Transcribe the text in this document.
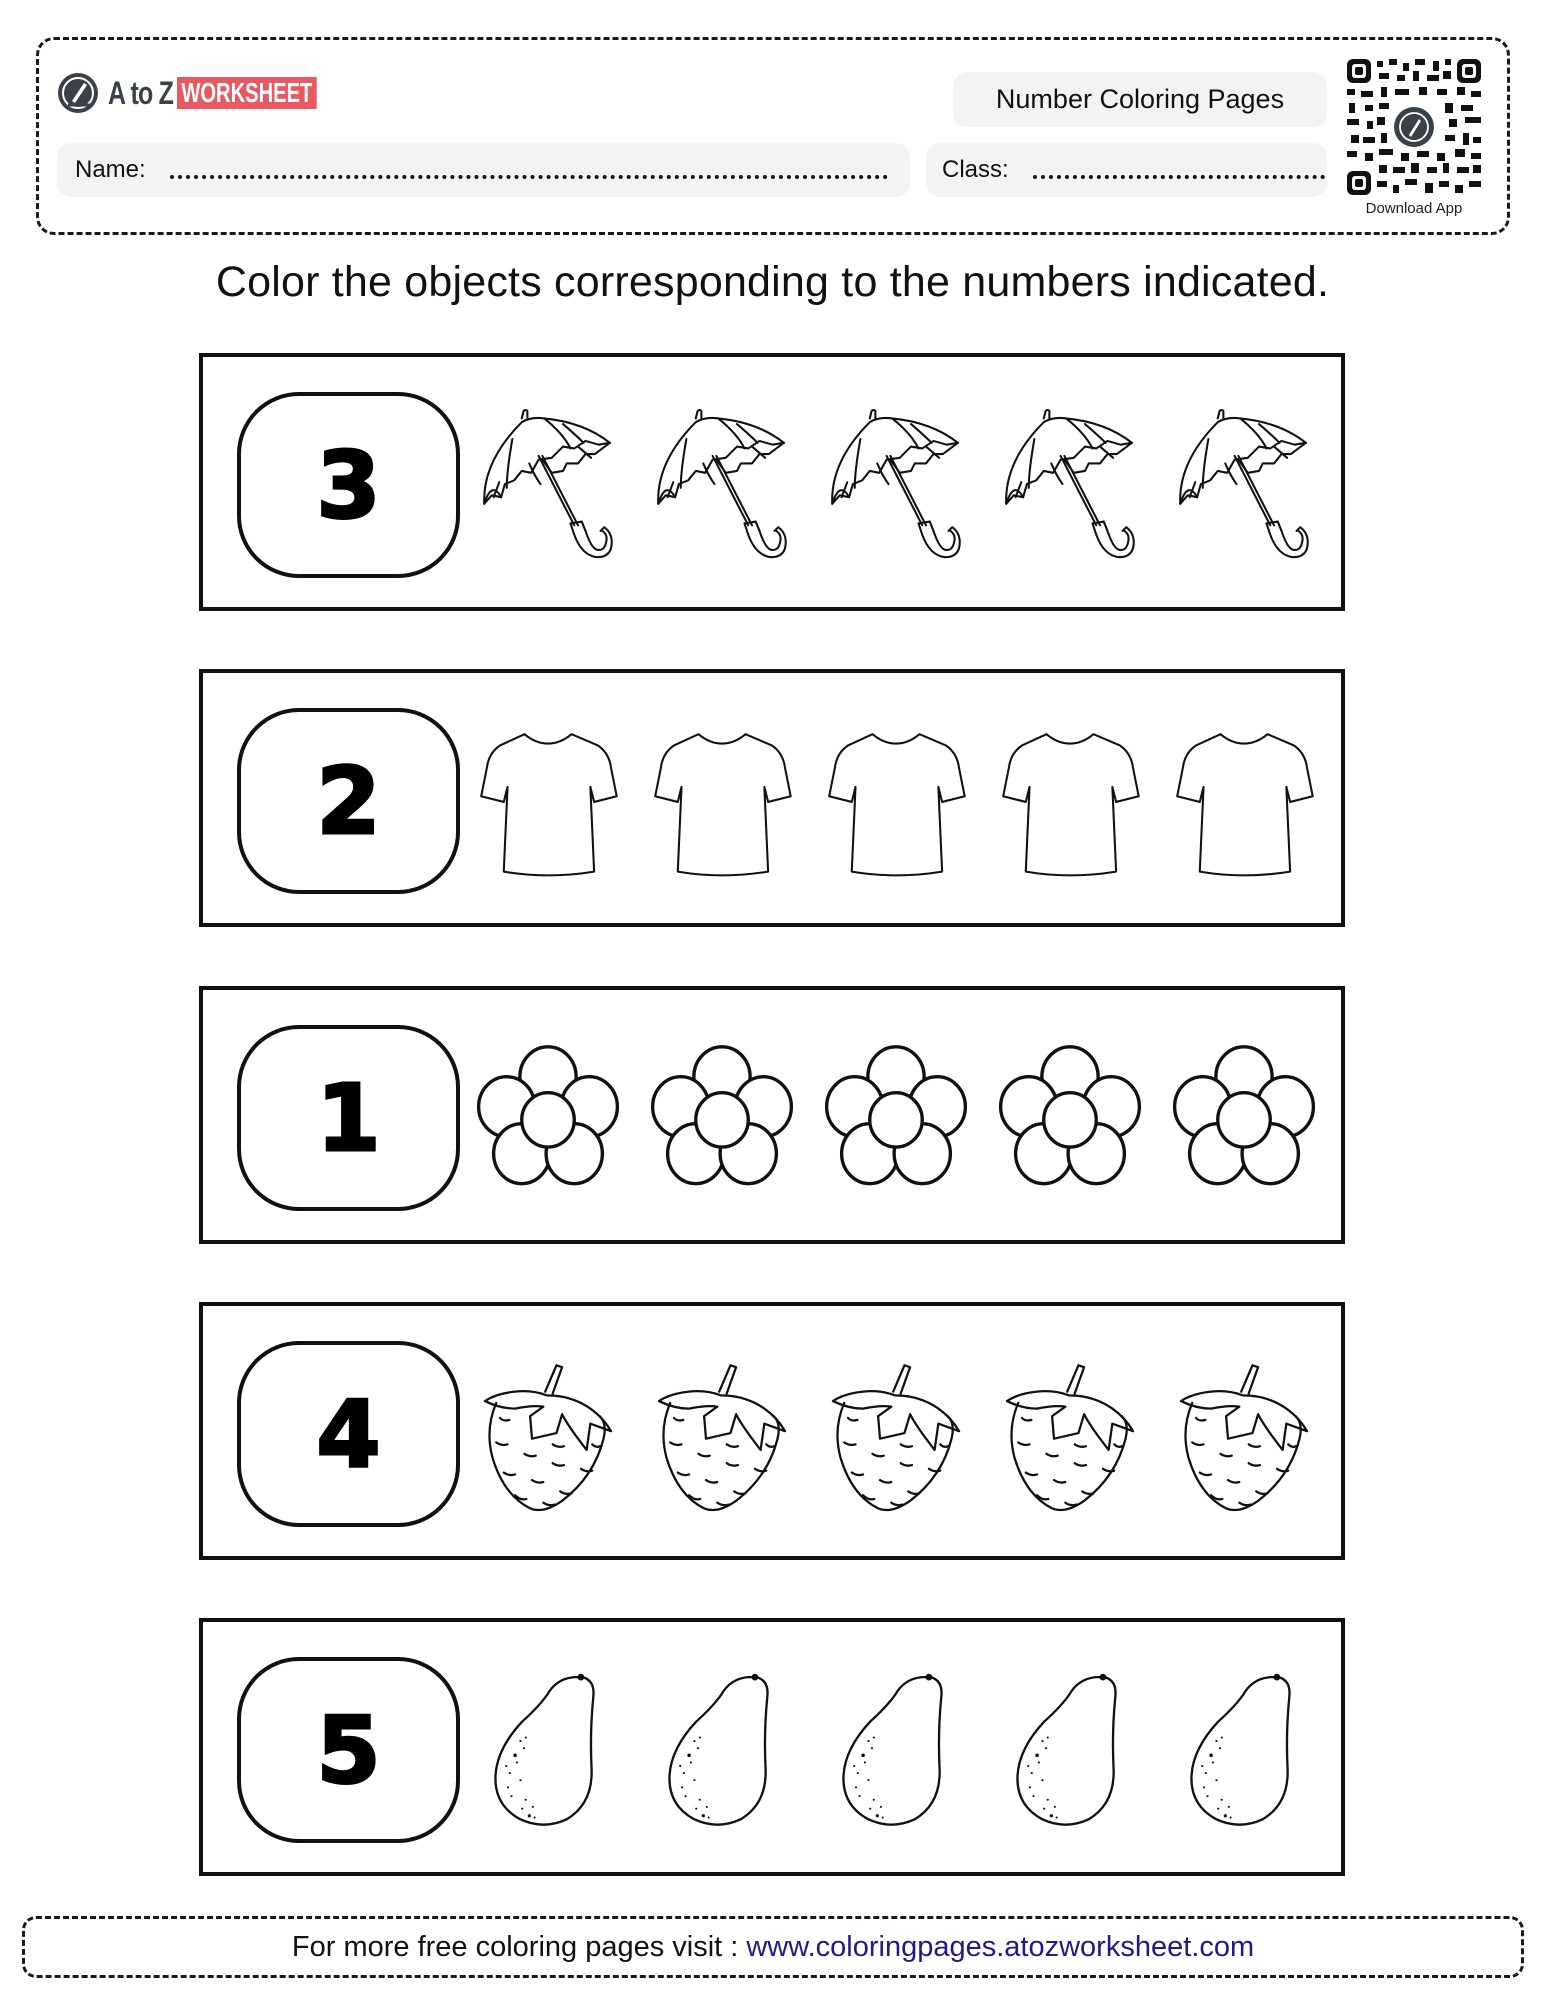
A to Z WORKSHEET	Number Coloring Pages
Name:	Class:
Download App
Color the objects corresponding to the numbers indicated.
3
2
1
4
5
For more free coloring pages visit : www.coloringpages.atozworksheet.com
